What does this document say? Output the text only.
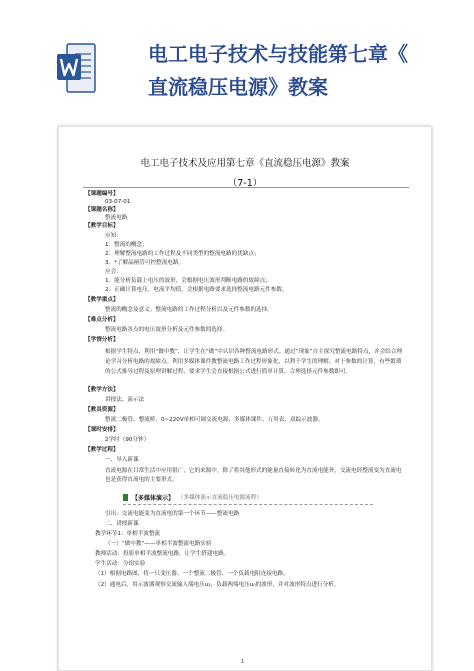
电工电子技术与技能第七章《
直流稳压电源》教案
电工电子技术及应用第七章《直流稳压电源》教案
（7-1）
【课题编号】
03-07-01
【课题名称】
整流电路
【教学目标】
应知：
1．整流的概念；
2．理解整流电路的工作过程及不同类型的整流电路的优缺点；
3．*了解晶闸管可控整流电路。
应会：
1．能分析负载上电压的波形，会根据电压波形判断电路的故障点；
2．正确计算电压、电流平均值，会根据电路要求选择整流电路元件参数。
【教学重点】
整流的概念及意义；整流电路的工作过程分析以及元件参数的选择。
【难点分析】
整流电路各点的电压波形分析及元件参数的选择。
【学情分析】
根据学生特点，利用“做中教”，让学生在“做”中认识各种整流电路形式。通过“现象”自主探究整流电路特点，并会结合理论学习分析电路的故障点。利用多媒体课件教整流电路工作过程形象化，以利于学生的理解。对于参数的计算，有些繁琐的公式推导过程及原理讲解过程，要求学生会直接根据公式进行简单计算，合理选择元件参数即可。
【教学方法】
讲授法、演示法
【教具资源】
整流二极管、整流桥、0~220V单相可调交流电源、多媒体课件、万用表、双踪示波器。
【课时安排】
2学时（90分钟）
【教学过程】
一、导入新课
直流电源在日常生活中应用很广，它的来源中，除了将其他形式的能量直接转化为直流电能外，交流电经整流变为直流电也是获得直流电的主要形式。
【多媒体演示】 （多媒体演示直流稳压电源流程）
引出：交流电能变为直流电的第一个环节——整流电路
二、讲授新课
教学环节1：单相半波整流
（一）“做中教”——单相半波整流电路实验
教师活动：投影单相半波整流电路，让学生搭建电路。
学生活动：分组实验
（1）根据电路图，将一只变压器、一个整流二极管、一个负载电阻连接电路。
（2）通电后，用示波器观察交流输入端电压u₂，负载两端电压u₀的波形，并对波形特点进行分析。
1
